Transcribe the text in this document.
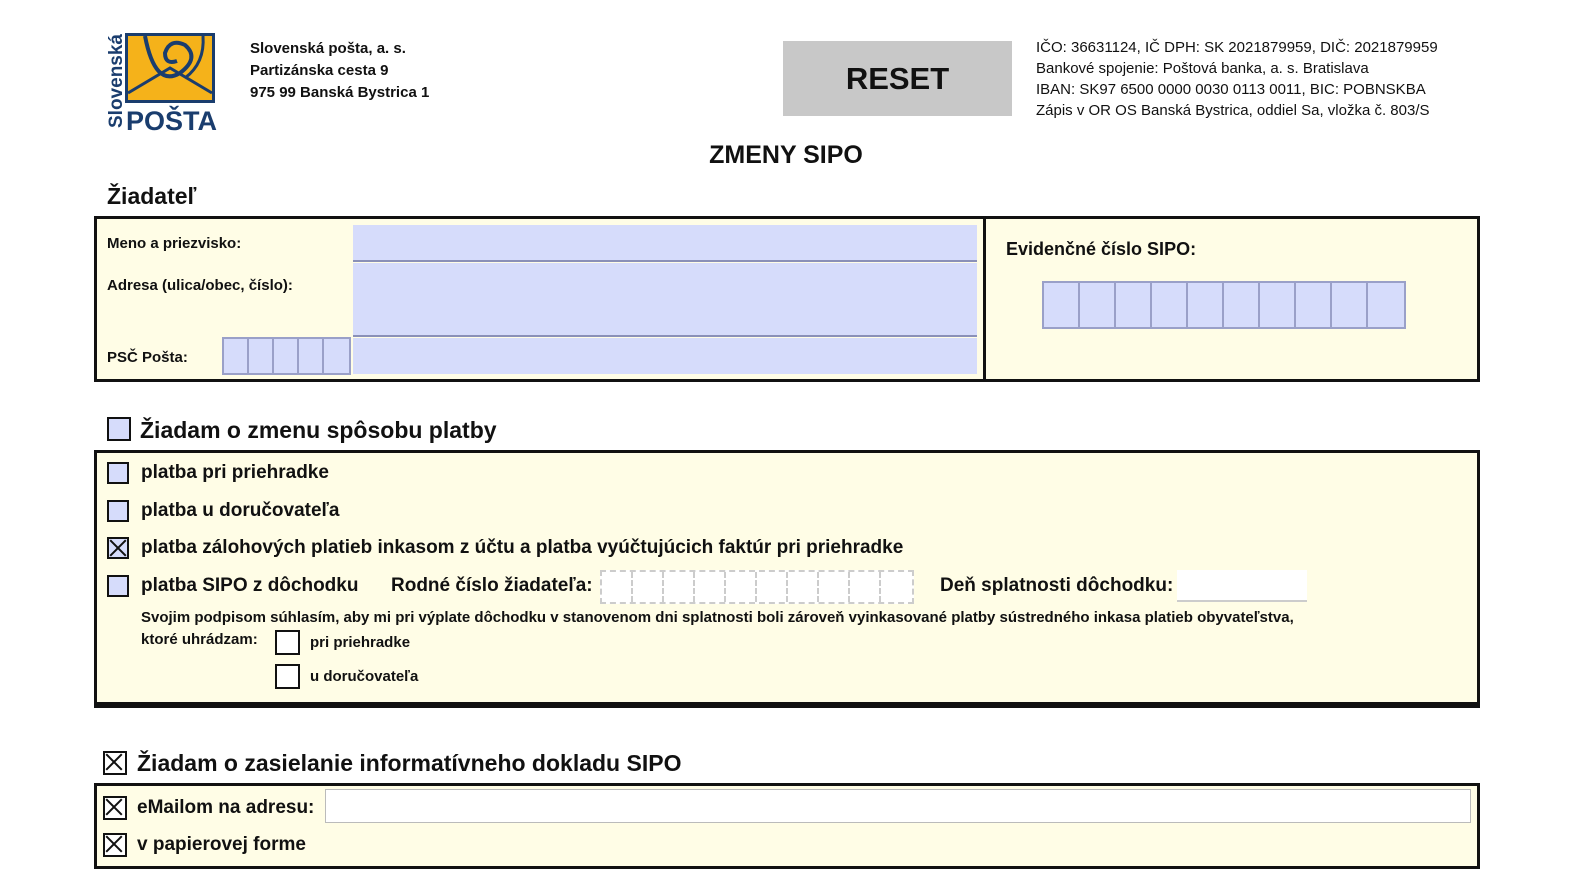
Slovenská POŠTA
Slovenská pošta, a. s.
Partizánska cesta 9
975 99 Banská Bystrica 1	RESET
IČO: 36631124, IČ DPH: SK 2021879959, DIČ: 2021879959
Bankové spojenie: Poštová banka, a. s. Bratislava
IBAN: SK97 6500 0000 0030 0113 0011, BIC: POBNSKBA
Zápis v OR OS Banská Bystrica, oddiel Sa, vložka č. 803/S
ZMENY SIPO
Žiadateľ
Meno a priezvisko:
Adresa (ulica/obec, číslo):
PSČ Pošta:
Evidenčné číslo SIPO:
Žiadam o zmenu spôsobu platby
platba pri priehradke
platba u doručovateľa
platba zálohových platieb inkasom z účtu a platba vyúčtujúcich faktúr pri priehradke
platba SIPO z dôchodku Rodné číslo žiadateľa:	Deň splatnosti dôchodku:
Svojim podpisom súhlasím, aby mi pri výplate dôchodku v stanovenom dni splatnosti boli zároveň vyinkasované platby sústredného inkasa platieb obyvateľstva,
ktoré uhrádzam:	pri priehradke
u doručovateľa
Žiadam o zasielanie informatívneho dokladu SIPO
eMailom na adresu:
v papierovej forme
